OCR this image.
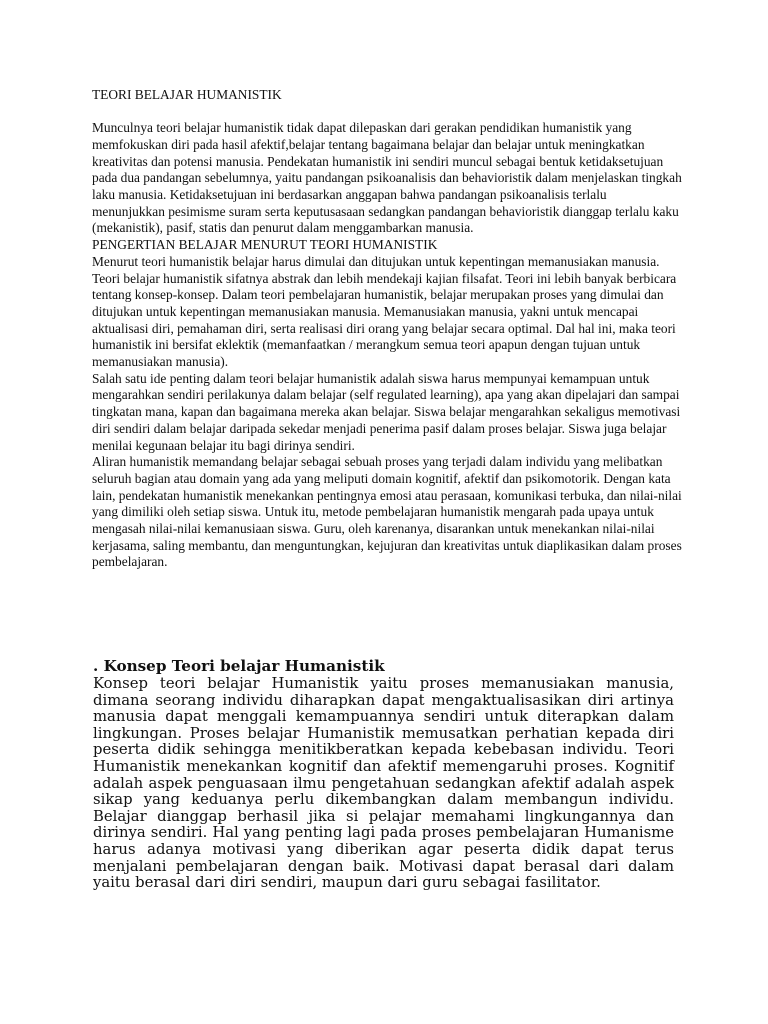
TEORI BELAJAR HUMANISTIK

Munculnya teori belajar humanistik tidak dapat dilepaskan dari gerakan pendidikan humanistik yang memfokuskan diri pada hasil afektif,belajar tentang bagaimana belajar dan belajar untuk meningkatkan kreativitas dan potensi manusia. Pendekatan humanistik ini sendiri muncul sebagai bentuk ketidaksetujuan pada dua pandangan sebelumnya, yaitu pandangan psikoanalisis dan behavioristik dalam menjelaskan tingkah laku manusia. Ketidaksetujuan ini berdasarkan anggapan bahwa pandangan psikoanalisis terlalu menunjukkan pesimisme suram serta keputusasaan sedangkan pandangan behavioristik dianggap terlalu kaku (mekanistik), pasif, statis dan penurut dalam menggambarkan manusia.

PENGERTIAN BELAJAR MENURUT TEORI HUMANISTIK

Menurut teori humanistik belajar harus dimulai dan ditujukan untuk kepentingan memanusiakan manusia. Teori belajar humanistik sifatnya abstrak dan lebih mendekaji kajian filsafat. Teori ini lebih banyak berbicara tentang konsep-konsep. Dalam teori pembelajaran humanistik, belajar merupakan proses yang dimulai dan ditujukan untuk kepentingan memanusiakan manusia. Memanusiakan manusia, yakni untuk mencapai aktualisasi diri, pemahaman diri, serta realisasi diri orang yang belajar secara optimal. Dal hal ini, maka teori humanistik ini bersifat eklektik (memanfaatkan / merangkum semua teori apapun dengan tujuan untuk memanusiakan manusia).

Salah satu ide penting dalam teori belajar humanistik adalah siswa harus mempunyai kemampuan untuk mengarahkan sendiri perilakunya dalam belajar (self regulated learning), apa yang akan dipelajari dan sampai tingkatan mana, kapan dan bagaimana mereka akan belajar. Siswa belajar mengarahkan sekaligus memotivasi diri sendiri dalam belajar daripada sekedar menjadi penerima pasif dalam proses belajar. Siswa juga belajar menilai kegunaan belajar itu bagi dirinya sendiri.

Aliran humanistik memandang belajar sebagai sebuah proses yang terjadi dalam individu yang melibatkan seluruh bagian atau domain yang ada yang meliputi domain kognitif, afektif dan psikomotorik. Dengan kata lain, pendekatan humanistik menekankan pentingnya emosi atau perasaan, komunikasi terbuka, dan nilai-nilai yang dimiliki oleh setiap siswa. Untuk itu, metode pembelajaran humanistik mengarah pada upaya untuk mengasah nilai-nilai kemanusiaan siswa. Guru, oleh karenanya, disarankan untuk menekankan nilai-nilai kerjasama, saling membantu, dan menguntungkan, kejujuran dan kreativitas untuk diaplikasikan dalam proses pembelajaran.

. Konsep Teori belajar Humanistik

Konsep teori belajar Humanistik yaitu proses memanusiakan manusia, dimana seorang individu diharapkan dapat mengaktualisasikan diri artinya manusia dapat menggali kemampuannya sendiri untuk diterapkan dalam lingkungan. Proses belajar Humanistik memusatkan perhatian kepada diri peserta didik sehingga menitikberatkan kepada kebebasan individu. Teori Humanistik menekankan kognitif dan afektif memengaruhi proses. Kognitif adalah aspek penguasaan ilmu pengetahuan sedangkan afektif adalah aspek sikap yang keduanya perlu dikembangkan dalam membangun individu. Belajar dianggap berhasil jika si pelajar memahami lingkungannya dan dirinya sendiri. Hal yang penting lagi pada proses pembelajaran Humanisme harus adanya motivasi yang diberikan agar peserta didik dapat terus menjalani pembelajaran dengan baik. Motivasi dapat berasal dari dalam yaitu berasal dari diri sendiri, maupun dari guru sebagai fasilitator.
